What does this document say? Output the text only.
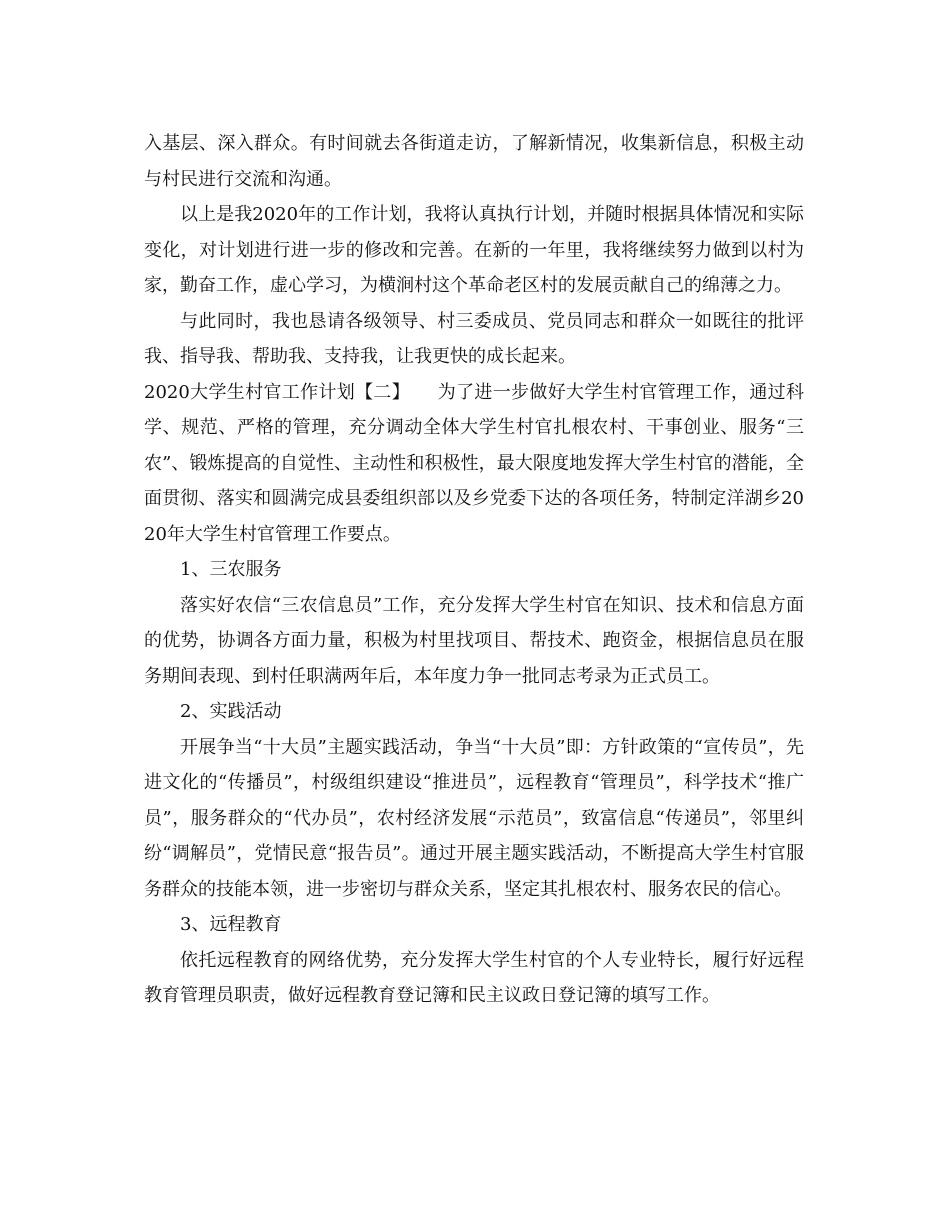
入基层、深入群众。有时间就去各街道走访，了解新情况，收集新信息，积极主动与村民进行交流和沟通。

以上是我2020年的工作计划，我将认真执行计划，并随时根据具体情况和实际变化，对计划进行进一步的修改和完善。在新的一年里，我将继续努力做到以村为家，勤奋工作，虚心学习，为横涧村这个革命老区村的发展贡献自己的绵薄之力。

与此同时，我也恳请各级领导、村三委成员、党员同志和群众一如既往的批评我、指导我、帮助我、支持我，让我更快的成长起来。

2020大学生村官工作计划【二】　　为了进一步做好大学生村官管理工作，通过科学、规范、严格的管理，充分调动全体大学生村官扎根农村、干事创业、服务“三农”、锻炼提高的自觉性、主动性和积极性，最大限度地发挥大学生村官的潜能，全面贯彻、落实和圆满完成县委组织部以及乡党委下达的各项任务，特制定洋湖乡2020年大学生村官管理工作要点。

1、三农服务

落实好农信“三农信息员”工作，充分发挥大学生村官在知识、技术和信息方面的优势，协调各方面力量，积极为村里找项目、帮技术、跑资金，根据信息员在服务期间表现、到村任职满两年后，本年度力争一批同志考录为正式员工。

2、实践活动

开展争当“十大员”主题实践活动，争当“十大员”即：方针政策的“宣传员”，先进文化的“传播员”，村级组织建设“推进员”，远程教育“管理员”，科学技术“推广员”，服务群众的“代办员”，农村经济发展“示范员”，致富信息“传递员”，邻里纠纷“调解员”，党情民意“报告员”。通过开展主题实践活动，不断提高大学生村官服务群众的技能本领，进一步密切与群众关系，坚定其扎根农村、服务农民的信心。

3、远程教育

依托远程教育的网络优势，充分发挥大学生村官的个人专业特长，履行好远程教育管理员职责，做好远程教育登记簿和民主议政日登记簿的填写工作。
